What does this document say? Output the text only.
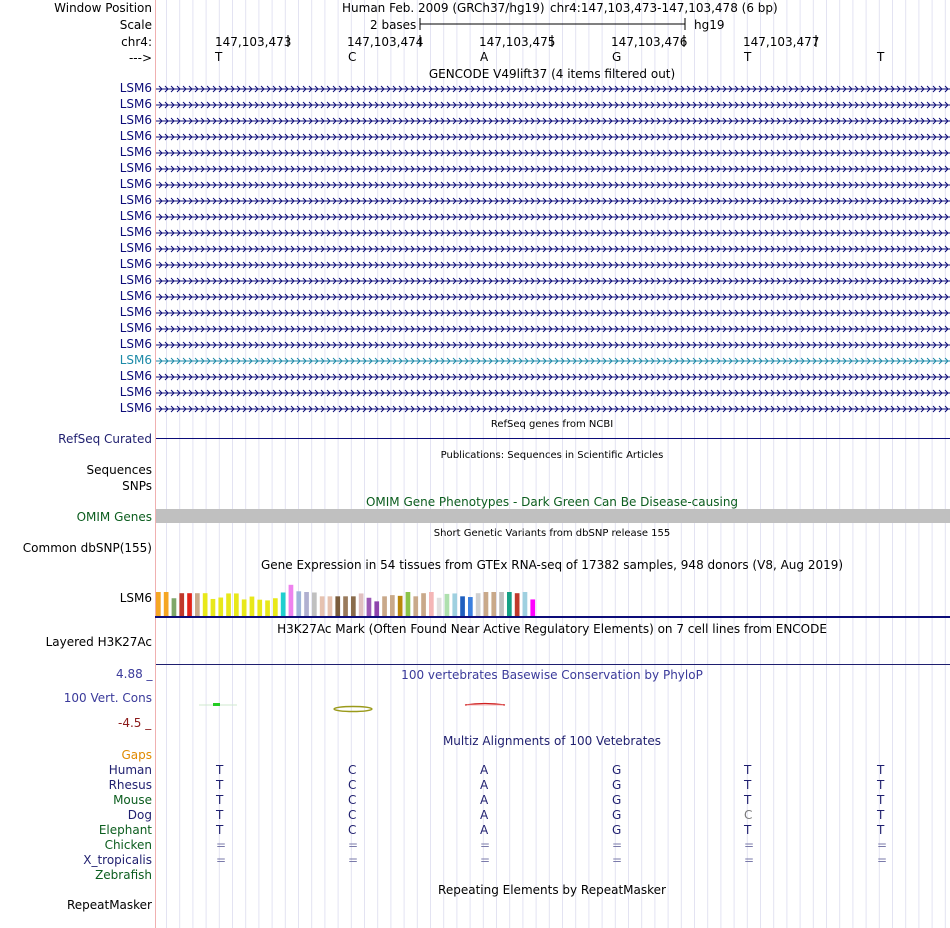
Window Position	Human Feb. 2009 (GRCh37/hg19) chr4:147,103,473-147,103,478 (6 bp)
Scale	2 bases	hg19
chr4:	147,103,473	147,103,474	147,103,475	147,103,476	147,103,477
--->	T	C	A	G	T	T
GENCODE V49lift37 (4 items filtered out)
LSM6
LSM6
LSM6
LSM6
LSM6
LSM6
LSM6
LSM6
LSM6
LSM6
LSM6
LSM6
LSM6
LSM6
LSM6
LSM6
LSM6
LSM6
LSM6
LSM6
LSM6
RefSeq genes from NCBI
RefSeq Curated
Publications: Sequences in Scientific Articles
Sequences
SNPs
OMIM Gene Phenotypes - Dark Green Can Be Disease-causing
OMIM Genes
Short Genetic Variants from dbSNP release 155
Common dbSNP(155)
Gene Expression in 54 tissues from GTEx RNA-seq of 17382 samples, 948 donors (V8, Aug 2019)
LSM6
H3K27Ac Mark (Often Found Near Active Regulatory Elements) on 7 cell lines from ENCODE
Layered H3K27Ac
4.88 _	100 vertebrates Basewise Conservation by PhyloP
100 Vert. Cons
-4.5 _
Multiz Alignments of 100 Vetebrates
Gaps
Human	T	C	A	G	T	T
Rhesus	T	C	A	G	T	T
Mouse	T	C	A	G	T	T
Dog	T	C	A	G	C	T
Elephant	T	C	A	G	T	T
Chicken	=	=	=	=	=	=
X_tropicalis	=	=	=	=	=	=
Zebrafish
Repeating Elements by RepeatMasker
RepeatMasker
